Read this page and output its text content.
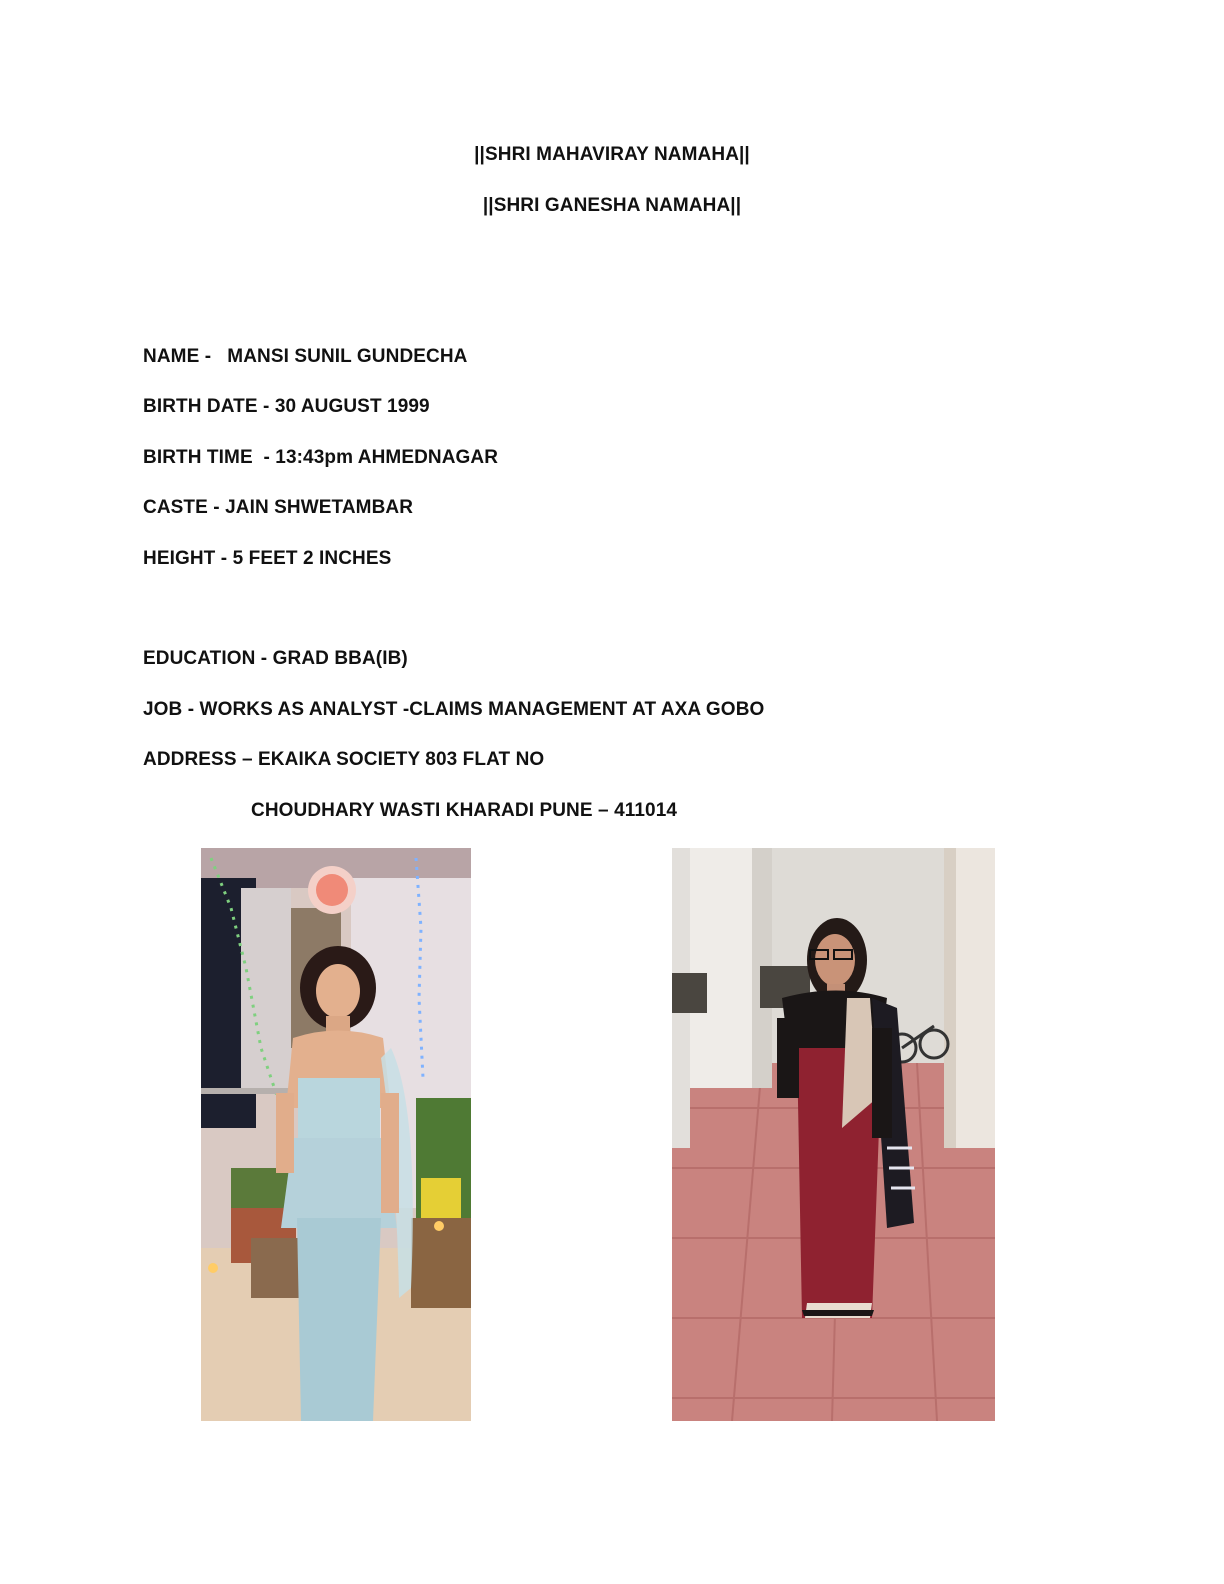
||SHRI MAHAVIRAY NAMAHA||
||SHRI GANESHA NAMAHA||
NAME -   MANSI SUNIL GUNDECHA
BIRTH DATE - 30 AUGUST 1999
BIRTH TIME  - 13:43pm AHMEDNAGAR
CASTE - JAIN SHWETAMBAR
HEIGHT - 5 FEET 2 INCHES
EDUCATION - GRAD BBA(IB)
JOB - WORKS AS ANALYST -CLAIMS MANAGEMENT AT AXA GOBO
ADDRESS – EKAIKA SOCIETY 803 FLAT NO
CHOUDHARY WASTI KHARADI PUNE – 411014
